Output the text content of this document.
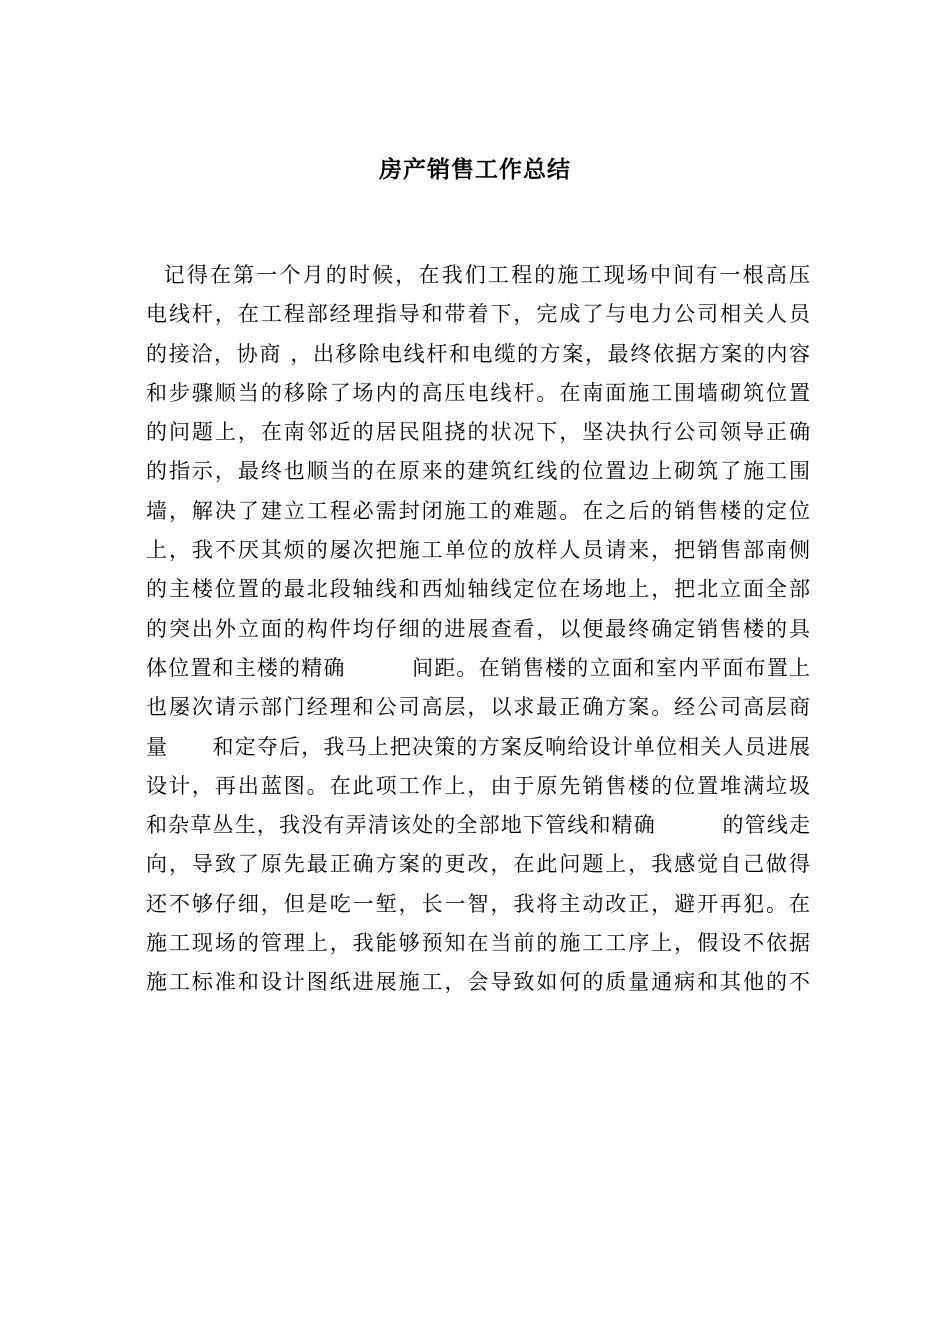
房产销售工作总结
记得在第一个月的时候，在我们工程的施工现场中间有一根高压
电线杆，在工程部经理指导和带着下，完成了与电力公司相关人员
的接洽，协商 ，出移除电线杆和电缆的方案，最终依据方案的内容
和步骤顺当的移除了场内的高压电线杆。在南面施工围墙砌筑位置
的问题上，在南邻近的居民阻挠的状况下，坚决执行公司领导正确
的指示，最终也顺当的在原来的建筑红线的位置边上砌筑了施工围
墙，解决了建立工程必需封闭施工的难题。在之后的销售楼的定位
上，我不厌其烦的屡次把施工单位的放样人员请来，把销售部南侧
的主楼位置的最北段轴线和西灿轴线定位在场地上，把北立面全部
的突出外立面的构件均仔细的进展查看，以便最终确定销售楼的具
体位置和主楼的精确　　　间距。在销售楼的立面和室内平面布置上
也屡次请示部门经理和公司高层，以求最正确方案。经公司高层商
量　　和定夺后，我马上把决策的方案反响给设计单位相关人员进展
设计，再出蓝图。在此项工作上，由于原先销售楼的位置堆满垃圾
和杂草丛生，我没有弄清该处的全部地下管线和精确　　　的管线走
向，导致了原先最正确方案的更改，在此问题上，我感觉自己做得
还不够仔细，但是吃一堑，长一智，我将主动改正，避开再犯。在
施工现场的管理上，我能够预知在当前的施工工序上，假设不依据
施工标准和设计图纸进展施工，会导致如何的质量通病和其他的不
